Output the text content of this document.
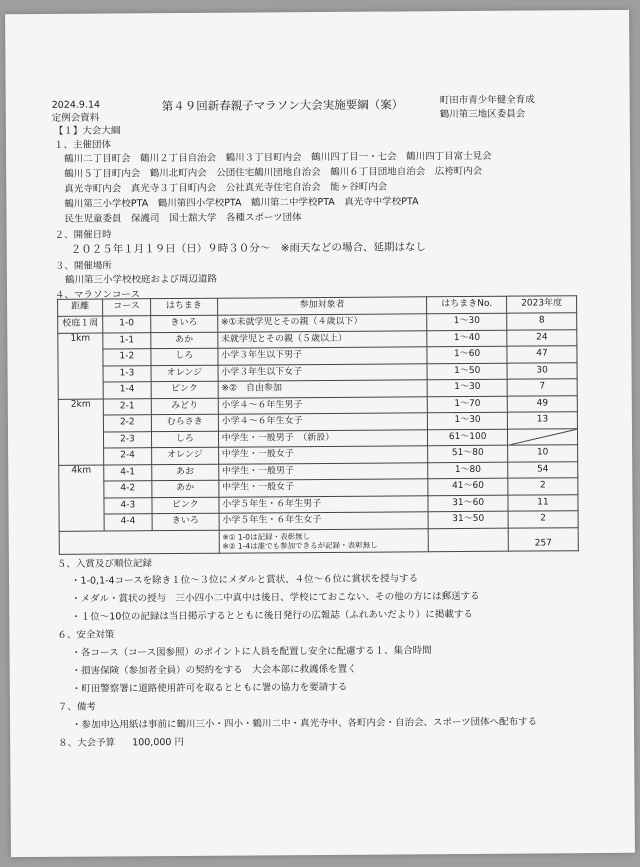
2024.9.14
定例会資料
第４９回新春親子マラソン大会実施要綱（案）	町田市青少年健全育成
鶴川第三地区委員会
【１】大会大綱
１、主催団体
鶴川二丁目町会　鶴川２丁目自治会　鶴川３丁目町内会　鶴川四丁目一・七会　鶴川四丁目富士見会
鶴川５丁目町内会　鶴川北町内会　公団住宅鶴川団地自治会　鶴川６丁目団地自治会　広袴町内会
真光寺町内会　真光寺３丁目町内会　公社真光寺住宅自治会　能ヶ谷町内会
鶴川第三小学校PTA　鶴川第四小学校PTA　鶴川第二中学校PTA　真光寺中学校PTA
民生児童委員　保護司　国士舘大学　各種スポーツ団体
２、開催日時
２０２５年１月１９日（日）９時３０分～　※雨天などの場合、延期はなし
３、開催場所
鶴川第三小学校校庭および周辺道路
４、マラソンコース
距離	コース	はちまき	参加対象者	はちまきNo.	2023年度
校庭１周	1-0	きいろ	※①未就学児とその親（４歳以下）	1～30	8
1km	1-1	あか	未就学児とその親（５歳以上）	1～40	24
	1-2	しろ	小学３年生以下男子	1～60	47
	1-3	オレンジ	小学３年生以下女子	1～50	30
	1-4	ピンク	※②　自由参加	1～30	7
2km	2-1	みどり	小学４～６年生男子	1～70	49
	2-2	むらさき	小学４～６年生女子	1～30	13
	2-3	しろ	中学生・一般男子　（新設）	61～100	

	2-4	オレンジ	中学生・一般女子	51～80	10
4km	4-1	あお	中学生・一般男子	1～80	54
	4-2	あか	中学生・一般女子	41～60	2
	4-3	ピンク	小学５年生・６年生男子	31～60	11
	4-4	きいろ	小学５年生・６年生女子	31～50	2

			※① 1-0は記録・表彰無し
※② 1-4は誰でも参加できるが記録・表彰無し		257
５、入賞及び順位記録
・1-0,1-4コースを除き１位～３位にメダルと賞状、４位～６位に賞状を授与する
・メダル・賞状の授与　三小四小二中真中は後日、学校にておこない、その他の方には郵送する
・１位～10位の記録は当日掲示するとともに後日発行の広報誌（ふれあいだより）に掲載する
６、安全対策
・各コース（コース図参照）のポイントに人員を配置し安全に配慮する１、集合時間
・損害保険（参加者全員）の契約をする　大会本部に救護係を置く
・町田警察署に道路使用許可を取るとともに署の協力を要請する
７、備考
・参加申込用紙は事前に鶴川三小・四小・鶴川二中・真光寺中、各町内会・自治会、スポーツ団体へ配布する
８、大会予算 100,000 円
